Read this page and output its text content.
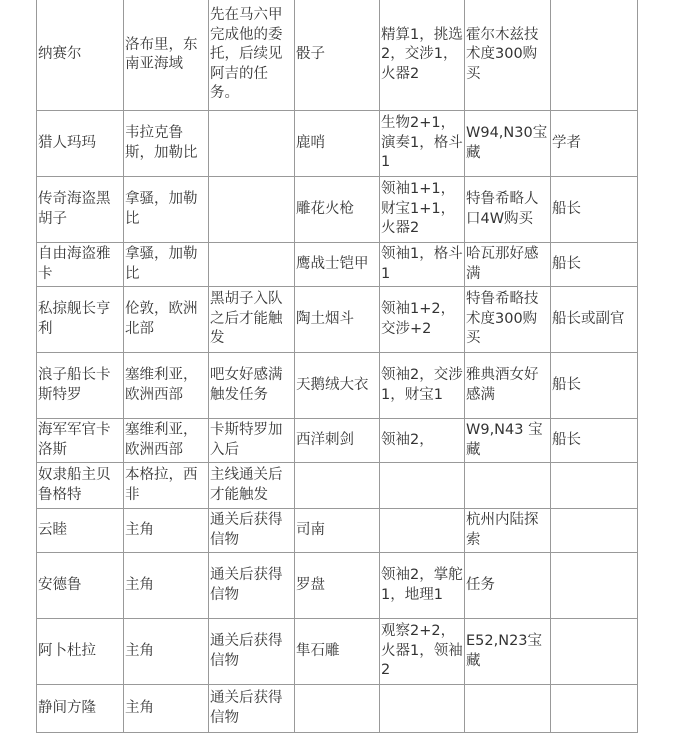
纳赛尔	洛布里，东南亚海域	先在马六甲完成他的委托，后续见阿吉的任务。	骰子	精算1，挑选2，交涉1，火器2	霍尔木兹技术度300购买	
猎人玛玛	韦拉克鲁斯，加勒比		鹿哨	生物2+1，演奏1，格斗1	W94,N30宝藏	学者
传奇海盗黑胡子	拿骚，加勒比		雕花火枪	领袖1+1，财宝1+1，火器2	特鲁希略人口4W购买	船长
自由海盗雅卡	拿骚，加勒比		鹰战士铠甲	领袖1，格斗1	哈瓦那好感满	船长
私掠舰长亨利	伦敦，欧洲北部	黑胡子入队之后才能触发	陶土烟斗	领袖1+2，交涉+2	特鲁希略技术度300购买	船长或副官
浪子船长卡斯特罗	塞维利亚，欧洲西部	吧女好感满触发任务	天鹅绒大衣	领袖2，交涉1，财宝1	雅典酒女好感满	船长
海军军官卡洛斯	塞维利亚，欧洲西部	卡斯特罗加入后	西洋刺剑	领袖2，	W9,N43 宝藏	船长
奴隶船主贝鲁格特	本格拉，西非	主线通关后才能触发				
云睦	主角	通关后获得信物	司南		杭州内陆探索	
安德鲁	主角	通关后获得信物	罗盘	领袖2，掌舵1，地理1	任务	
阿卜杜拉	主角	通关后获得信物	隼石雕	观察2+2，火器1，领袖2	E52,N23宝藏	
静间方隆	主角	通关后获得信物				
